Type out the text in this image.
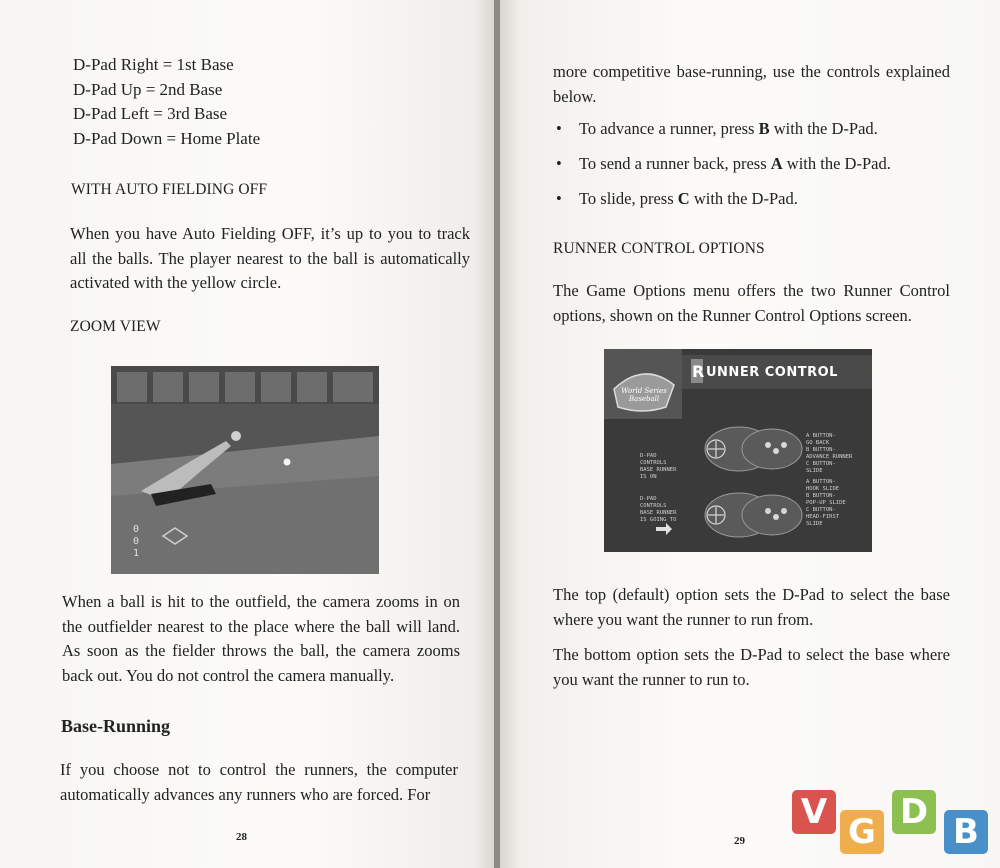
D-Pad Right = 1st Base
D-Pad Up = 2nd Base
D-Pad Left = 3rd Base
D-Pad Down = Home Plate
WITH AUTO FIELDING OFF
When you have Auto Fielding OFF, it’s up to you to track all the balls. The player nearest to the ball is automatically activated with the yellow circle.
ZOOM VIEW
0
0
1
When a ball is hit to the outfield, the camera zooms in on the outfielder nearest to the place where the ball will land. As soon as the fielder throws the ball, the camera zooms back out. You do not control the camera manually.
Base-Running
If you choose not to control the runners, the computer automatically advances any runners who are forced. For
28
more competitive base-running, use the controls explained below.
• To advance a runner, press B with the D-Pad.
• To send a runner back, press A with the D-Pad.
• To slide, press C with the D-Pad.
RUNNER CONTROL OPTIONS
The Game Options menu offers the two Runner Control options, shown on the Runner Control Options screen.
World Series Baseball
R UNNER CONTROL
D-PAD
CONTROLS
BASE RUNNER
IS ON
D-PAD
CONTROLS
BASE RUNNER
IS GOING TO
A BUTTON-
GO BACK
B BUTTON-
ADVANCE RUNNER
C BUTTON-
SLIDE
A BUTTON-
HOOK SLIDE
B BUTTON-
POP-UP SLIDE
C BUTTON-
HEAD-FIRST
SLIDE
The top (default) option sets the D-Pad to select the base where you want the runner to run from.
The bottom option sets the D-Pad to select the base where you want the runner to run to.
29
V G D B
